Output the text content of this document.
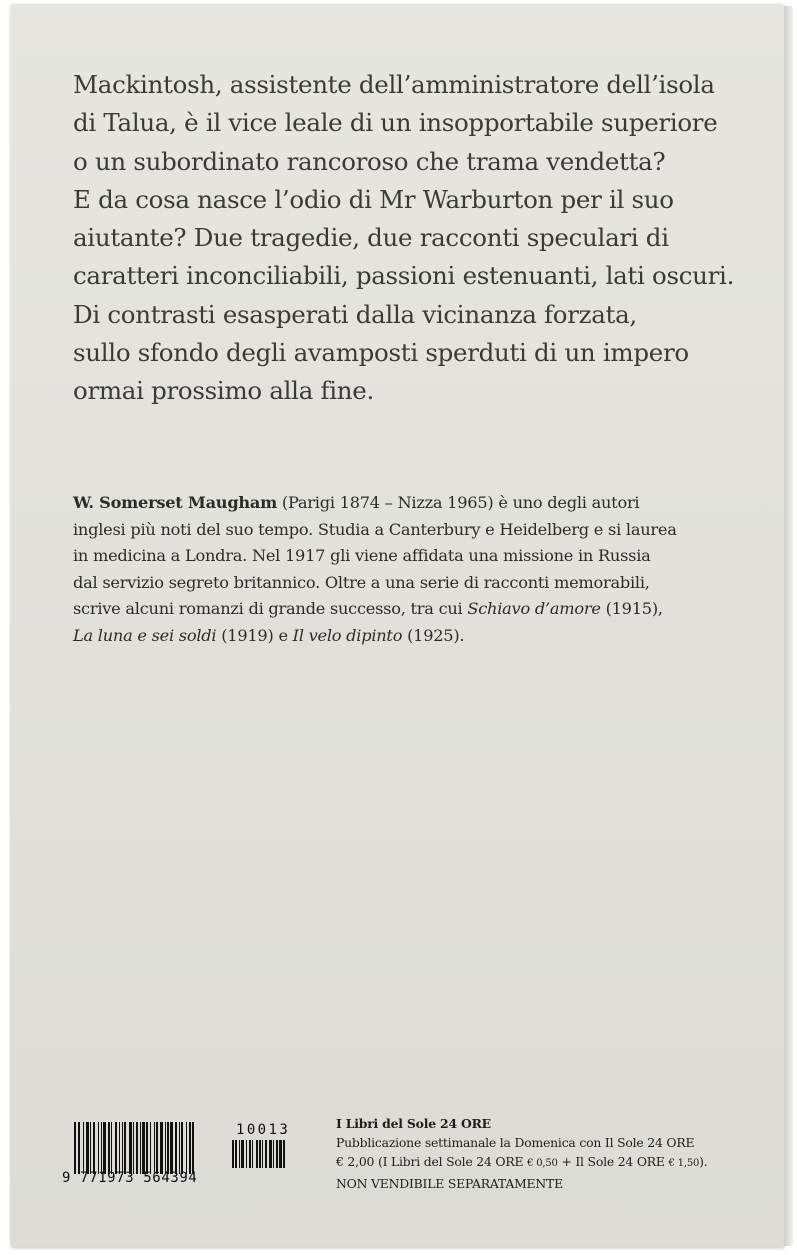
Mackintosh, assistente dell’amministratore dell’isola
di Talua, è il vice leale di un insopportabile superiore
o un subordinato rancoroso che trama vendetta?
E da cosa nasce l’odio di Mr Warburton per il suo
aiutante? Due tragedie, due racconti speculari di
caratteri inconciliabili, passioni estenuanti, lati oscuri.
Di contrasti esasperati dalla vicinanza forzata,
sullo sfondo degli avamposti sperduti di un impero
ormai prossimo alla fine.
W. Somerset Maugham (Parigi 1874 – Nizza 1965) è uno degli autori
inglesi più noti del suo tempo. Studia a Canterbury e Heidelberg e si laurea
in medicina a Londra. Nel 1917 gli viene affidata una missione in Russia
dal servizio segreto britannico. Oltre a una serie di racconti memorabili,
scrive alcuni romanzi di grande successo, tra cui Schiavo d’amore (1915),
La luna e sei soldi (1919) e Il velo dipinto (1925).
9 771973 564394
10013	I Libri del Sole 24 ORE
Pubblicazione settimanale la Domenica con Il Sole 24 ORE
€ 2,00 (I Libri del Sole 24 ORE € 0,50 + Il Sole 24 ORE € 1,50).
NON VENDIBILE SEPARATAMENTE
